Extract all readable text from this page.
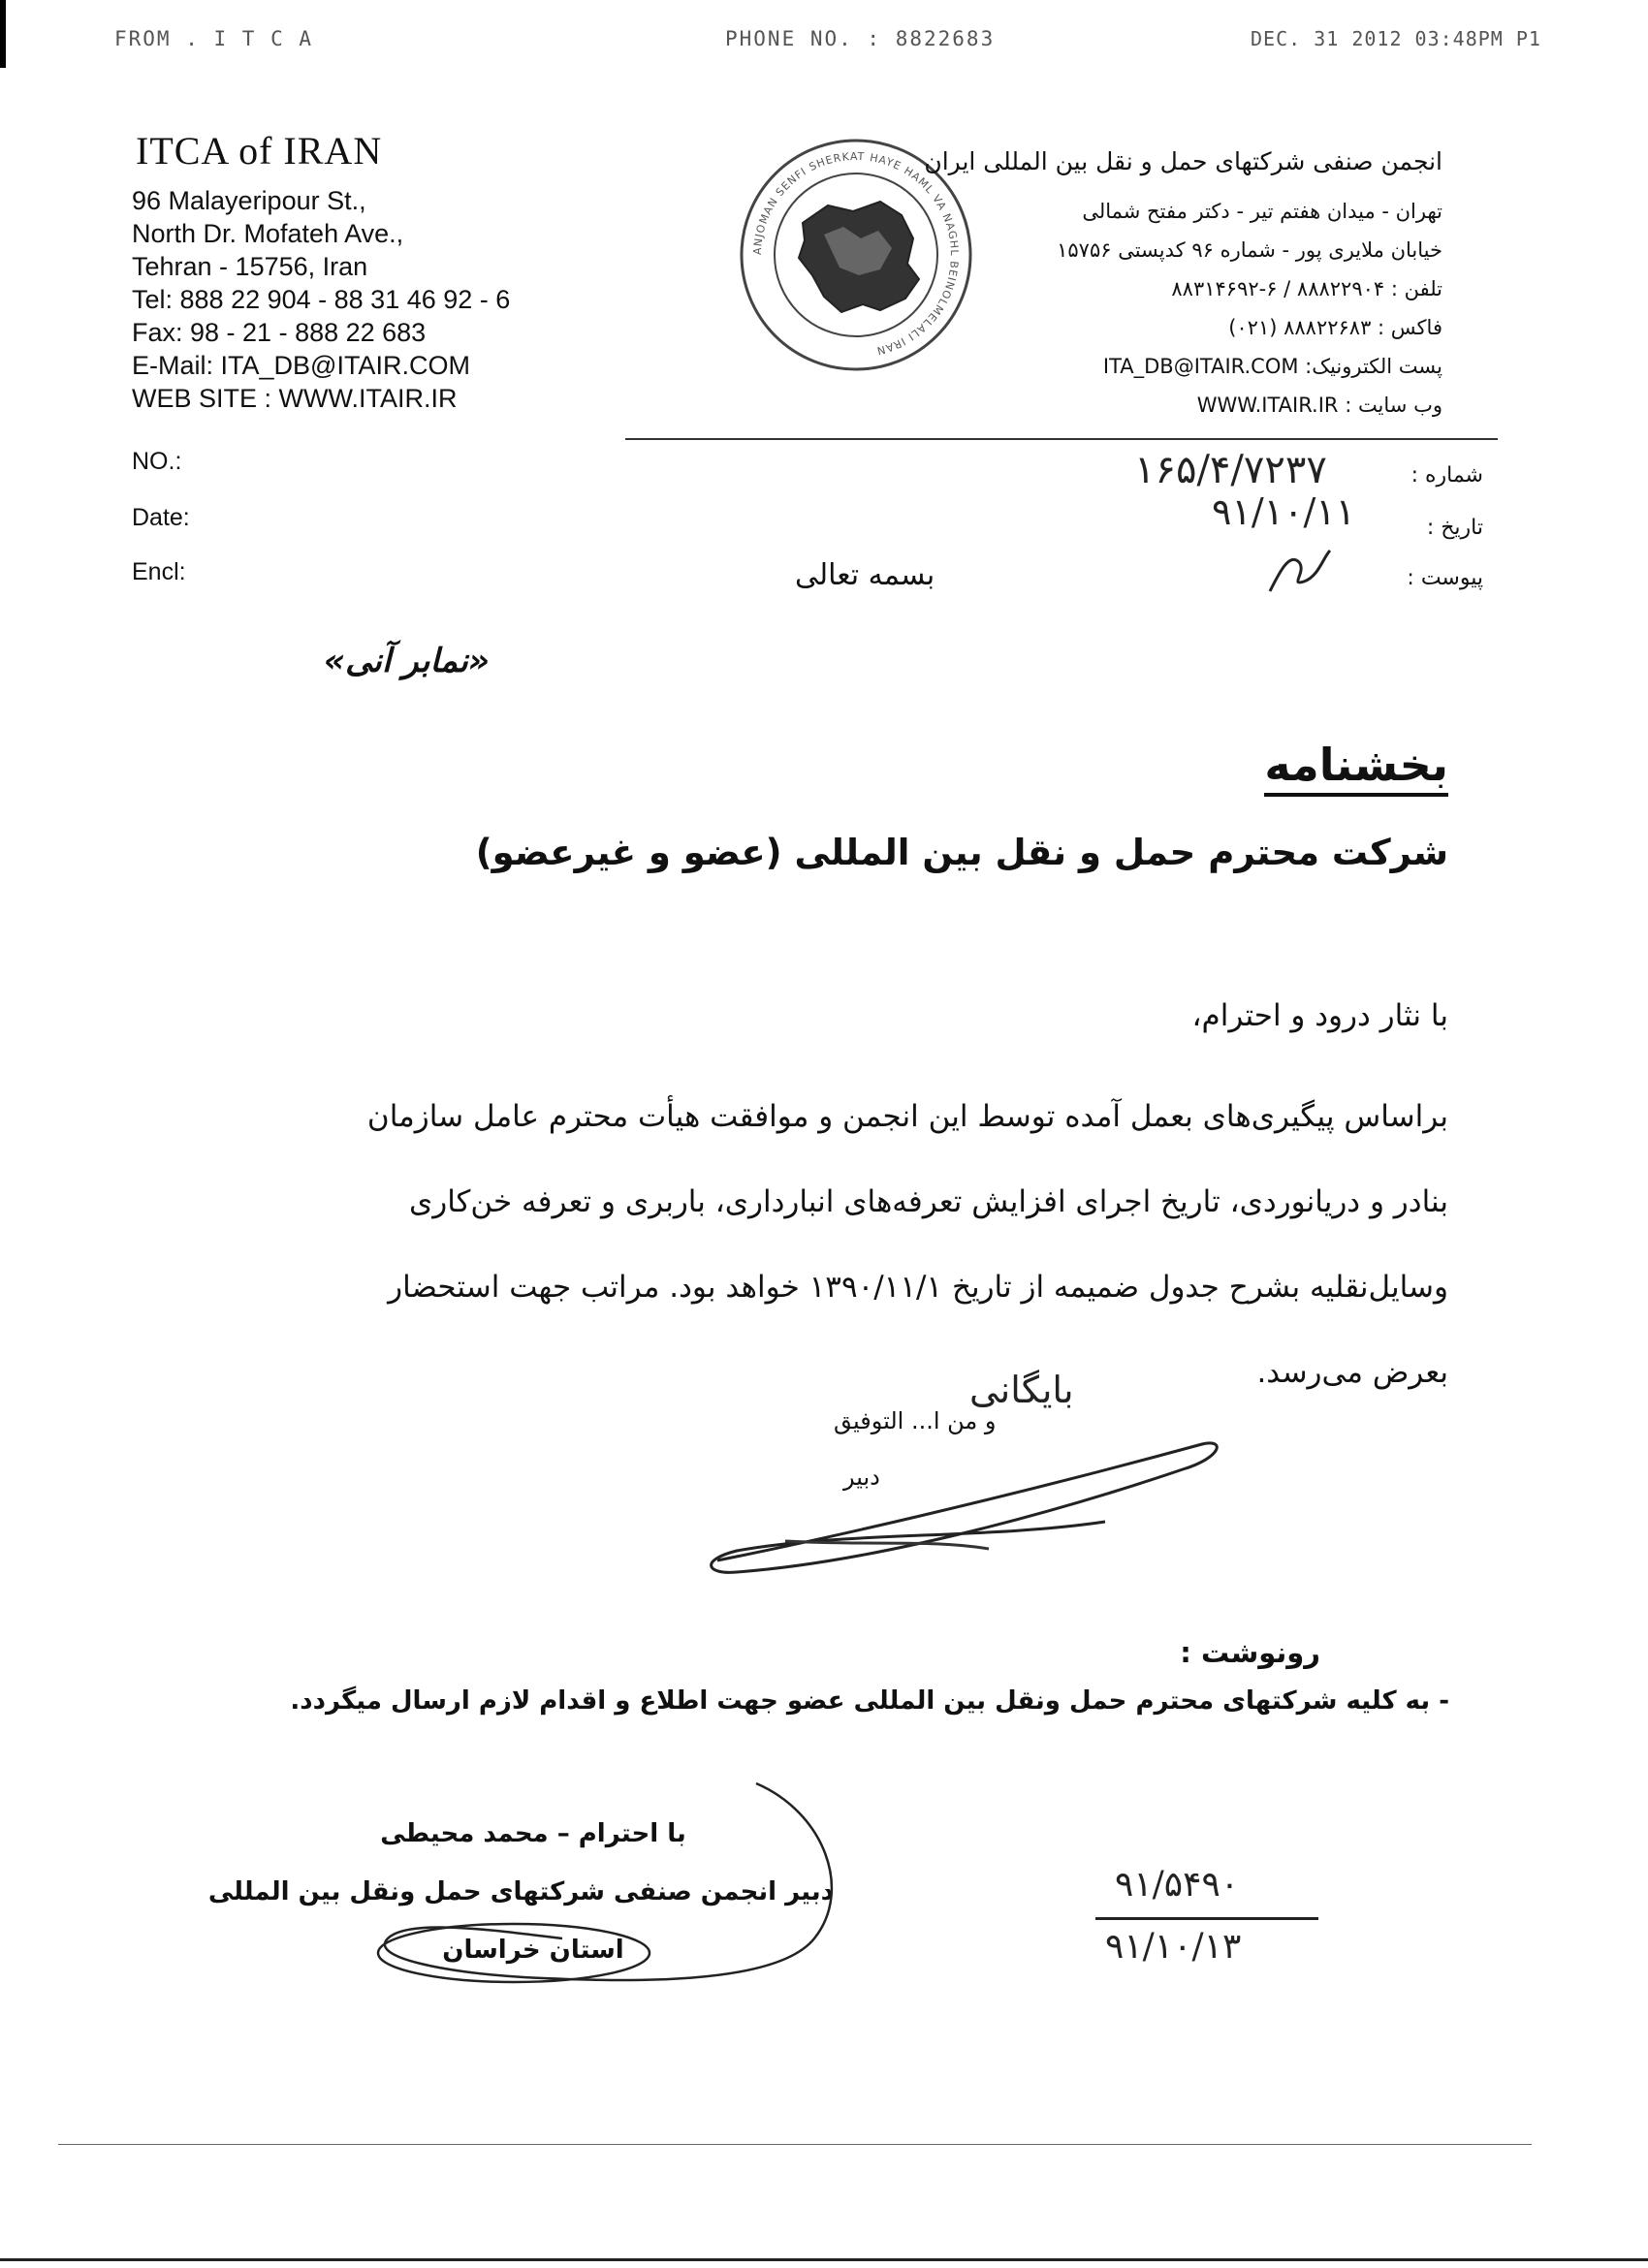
FROM . I T C A	PHONE NO. : 8822683	DEC. 31 2012 03:48PM P1
ITCA of IRAN
96 Malayeripour St.,
North Dr. Mofateh Ave.,
Tehran - 15756, Iran
Tel: 888 22 904 - 88 31 46 92 - 6
Fax: 98 - 21 - 888 22 683
E-Mail: ITA_DB@ITAIR.COM
WEB SITE : WWW.ITAIR.IR
ANJOMAN SENFI SHERKAT HAYE HAML VA NAGHL BEINOLMELALI IRAN
انجمن صنفی شرکتهای حمل و نقل بین المللی ایران
تهران - میدان هفتم تیر - دکتر مفتح شمالی
خیابان ملایری پور - شماره ۹۶ کدپستی ۱۵۷۵۶
تلفن : ۸۸۸۲۲۹۰۴ / ۶-۸۸۳۱۴۶۹۲
فاکس : ۸۸۸۲۲۶۸۳ (۰۲۱)
پست الکترونیک: ITA_DB@ITAIR.COM
وب سایت : WWW.ITAIR.IR
NO.:
Date:
Encl:
شماره :
تاریخ :
پیوست :
۱۶۵/۴/۷۲۳۷
۹۱/۱۰/۱۱
بسمه تعالی
«نمابر آنی»
بخشنامه
شرکت محترم حمل و نقل بین المللی (عضو و غیرعضو)
با نثار درود و احترام،
براساس پیگیری‌های بعمل آمده توسط این انجمن و موافقت هیأت محترم عامل سازمان
بنادر و دریانوردی، تاریخ اجرای افزایش تعرفه‌های انبارداری، باربری و تعرفه خن‌کاری
وسایل‌نقلیه بشرح جدول ضمیمه از تاریخ ۱۳۹۰/۱۱/۱ خواهد بود. مراتب جهت استحضار
بعرض می‌رسد.
بایگانی
و من ا... التوفیق
دبیر
رونوشت :
- به کلیه شرکتهای محترم حمل ونقل بین المللی عضو جهت اطلاع و اقدام لازم ارسال میگردد.
با احترام – محمد محیطی
دبیر انجمن صنفی شرکتهای حمل ونقل بین المللی
استان خراسان
۹۱/۵۴۹۰
۹۱/۱۰/۱۳
